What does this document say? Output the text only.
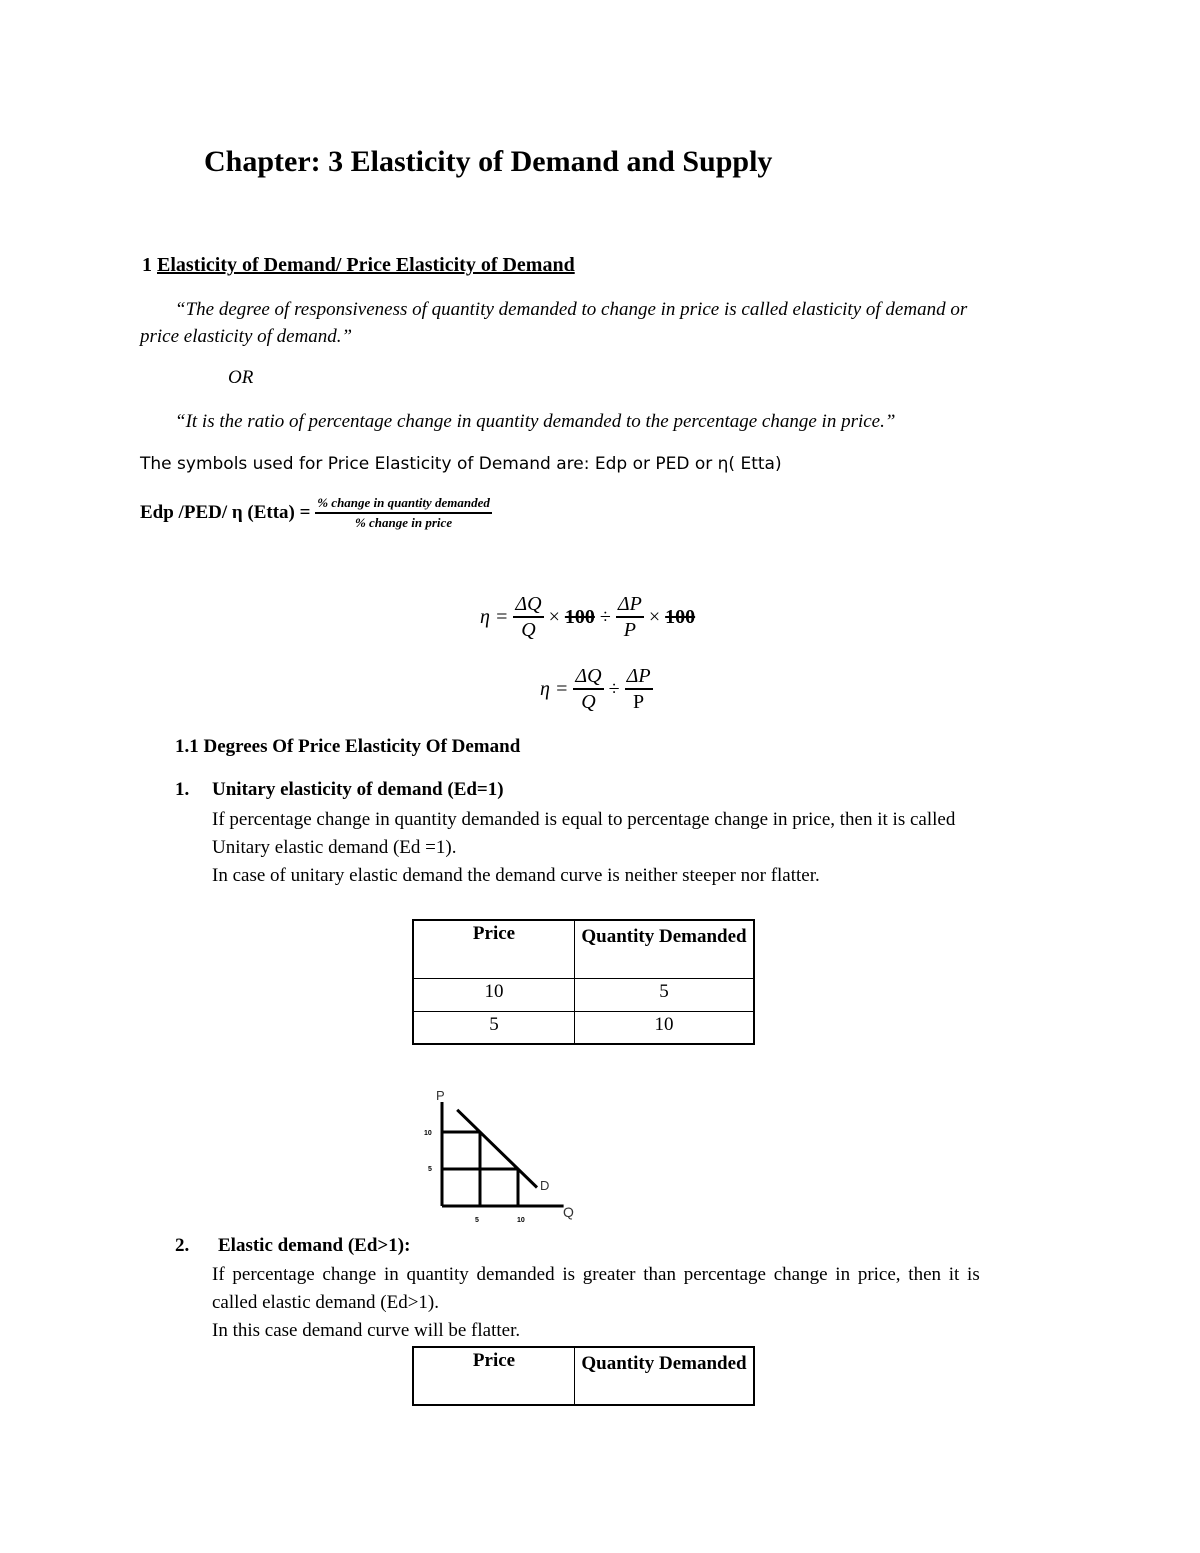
Chapter: 3 Elasticity of Demand and Supply
1 Elasticity of Demand/ Price Elasticity of Demand
“The degree of responsiveness of quantity demanded to change in price is called elasticity of demand or
price elasticity of demand.”
OR
“It is the ratio of percentage change in quantity demanded to the percentage change in price.”
The symbols used for Price Elasticity of Demand are: Edp or PED or η( Etta)
Edp /PED/ η (Etta) = $\frac{\text{\% change in quantity demanded}}{\text{\% change in price}}$
$\eta = \frac{\Delta Q}{Q} \times 100 \div \frac{\Delta P}{P} \times 100$
$\eta = \frac{\Delta Q}{Q} \div \frac{\Delta P}{P}$
1.1 Degrees Of Price Elasticity Of Demand
1. Unitary elasticity of demand (Ed=1)
If percentage change in quantity demanded is equal to percentage change in price, then it is called
Unitary elastic demand (Ed =1).
In case of unitary elastic demand the demand curve is neither steeper nor flatter.
Price	Quantity Demanded
10	5
5	10
P
Q
D
10
5
5	10
2. Elastic demand (Ed>1):
If percentage change in quantity demanded is greater than percentage change in price, then it is
called elastic demand (Ed>1).
In this case demand curve will be flatter.
Price	Quantity Demanded
